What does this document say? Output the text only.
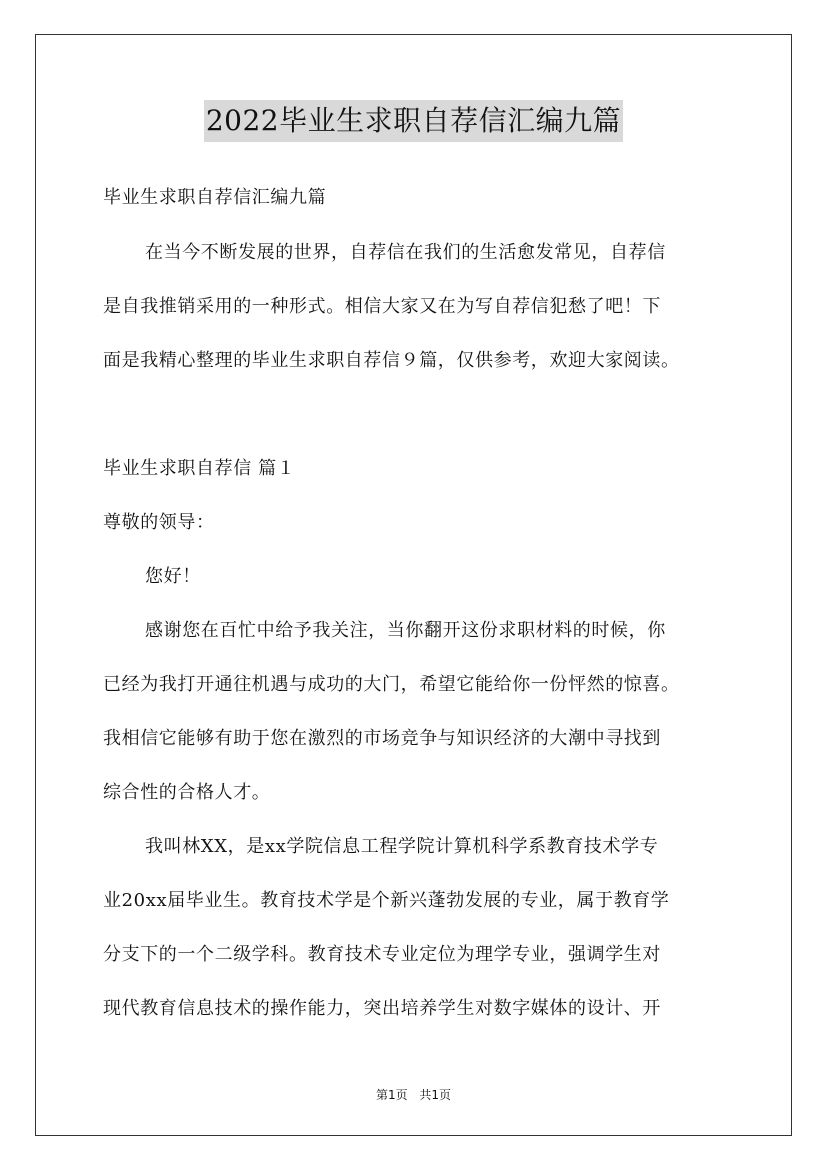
2022毕业生求职自荐信汇编九篇
毕业生求职自荐信汇编九篇
在当今不断发展的世界，自荐信在我们的生活愈发常见，自荐信
是自我推销采用的一种形式。相信大家又在为写自荐信犯愁了吧！下
面是我精心整理的毕业生求职自荐信９篇，仅供参考，欢迎大家阅读。
毕业生求职自荐信 篇１
尊敬的领导：
您好！
感谢您在百忙中给予我关注，当你翻开这份求职材料的时候，你
已经为我打开通往机遇与成功的大门，希望它能给你一份怦然的惊喜。
我相信它能够有助于您在激烈的市场竞争与知识经济的大潮中寻找到
综合性的合格人才。
我叫林XX，是xx学院信息工程学院计算机科学系教育技术学专
业20xx届毕业生。教育技术学是个新兴蓬勃发展的专业，属于教育学
分支下的一个二级学科。教育技术专业定位为理学专业，强调学生对
现代教育信息技术的操作能力，突出培养学生对数字媒体的设计、开
第1页 共1页
